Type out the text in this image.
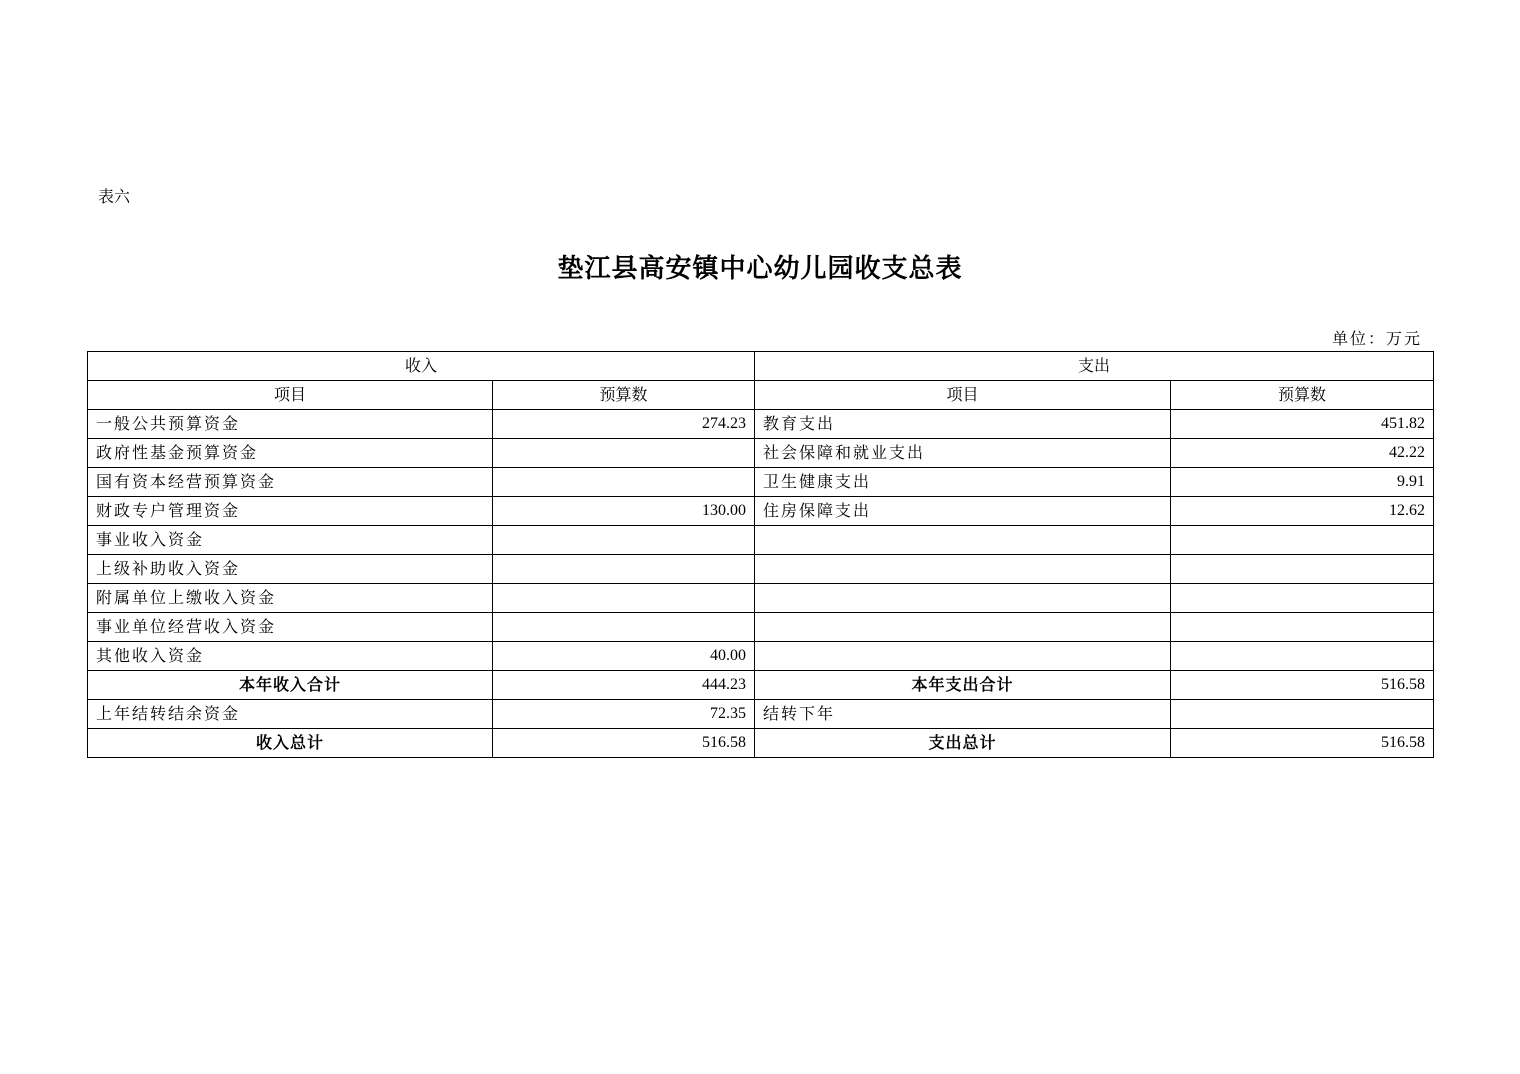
表六
垫江县高安镇中心幼儿园收支总表
单位：万元
收入		支出	
项目	预算数	项目	预算数
一般公共预算资金	274.23	教育支出	451.82
政府性基金预算资金		社会保障和就业支出	42.22
国有资本经营预算资金		卫生健康支出	9.91
财政专户管理资金	130.00	住房保障支出	12.62
事业收入资金			
上级补助收入资金			
附属单位上缴收入资金			
事业单位经营收入资金			
其他收入资金	40.00		
本年收入合计	444.23	本年支出合计	516.58
上年结转结余资金	72.35	结转下年	
收入总计	516.58	支出总计	516.58
